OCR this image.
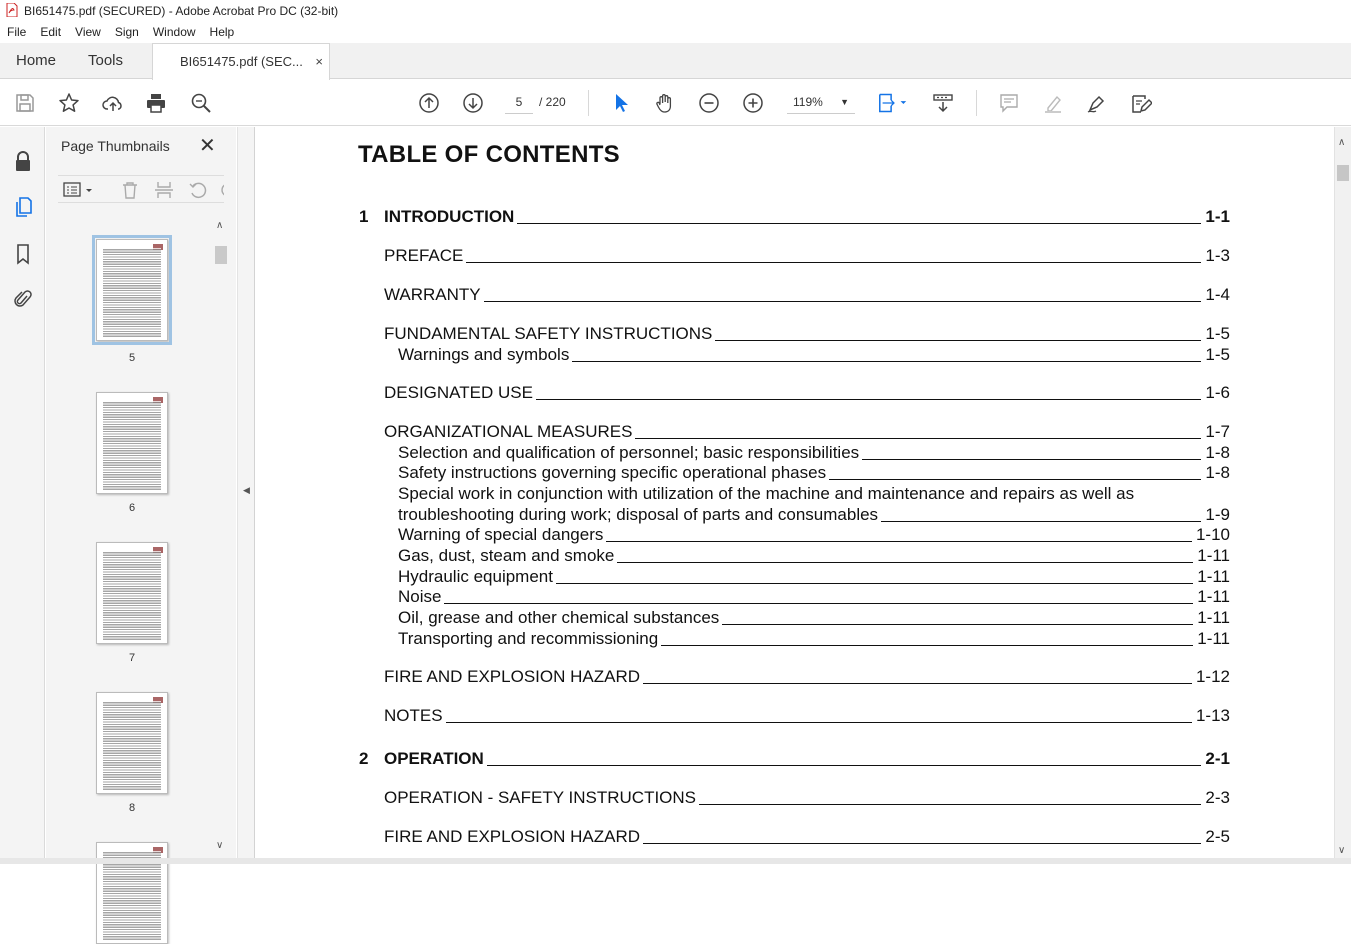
BI651475.pdf (SECURED) - Adobe Acrobat Pro DC (32-bit)
File	Edit	View	Sign	Window	Help
Home Tools	BI651475.pdf (SEC... ×
5
/ 220	119% ▼
Page Thumbnails ✕
5
6
7
8
∧
∨
◀
TABLE OF CONTENTS
1 INTRODUCTION	1-1
PREFACE	1-3
WARRANTY	1-4
FUNDAMENTAL SAFETY INSTRUCTIONS	1-5
Warnings and symbols	1-5
DESIGNATED USE	1-6
ORGANIZATIONAL MEASURES	1-7
Selection and qualification of personnel; basic responsibilities	1-8
Safety instructions governing specific operational phases	1-8
Special work in conjunction with utilization of the machine and maintenance and repairs as well as
troubleshooting during work; disposal of parts and consumables	1-9
Warning of special dangers	1-10
Gas, dust, steam and smoke	1-11
Hydraulic equipment	1-11
Noise	1-11
Oil, grease and other chemical substances	1-11
Transporting and recommissioning	1-11
FIRE AND EXPLOSION HAZARD	1-12
NOTES	1-13
2 OPERATION	2-1
OPERATION - SAFETY INSTRUCTIONS	2-3
FIRE AND EXPLOSION HAZARD	2-5
∧
∨
